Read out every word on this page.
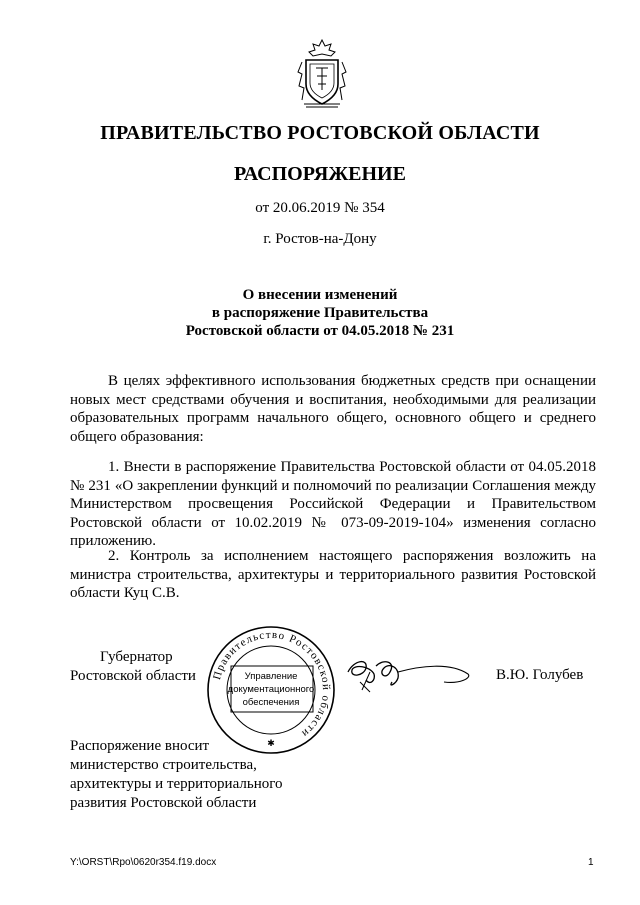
ПРАВИТЕЛЬСТВО РОСТОВСКОЙ ОБЛАСТИ
РАСПОРЯЖЕНИЕ
от 20.06.2019 № 354
г. Ростов-на-Дону
О внесении изменений
в распоряжение Правительства
Ростовской области от 04.05.2018 № 231
В целях эффективного использования бюджетных средств при оснащении новых мест средствами обучения и воспитания, необходимыми для реализации образовательных программ начального общего, основного общего и среднего общего образования:
1. Внести в распоряжение Правительства Ростовской области от 04.05.2018 № 231 «О закреплении функций и полномочий по реализации Соглашения между Министерством просвещения Российской Федерации и Правительством Ростовской области от 10.02.2019 № 073-09-2019-104» изменения согласно приложению.
2. Контроль за исполнением настоящего распоряжения возложить на министра строительства, архитектуры и территориального развития Ростовской области Куц С.В.
Губернатор
Ростовской области Правительство Ростовской области
Управление
документационного
обеспечения
✱
В.Ю. Голубев
Распоряжение вносит
министерство строительства,
архитектуры и территориального
развития Ростовской области
Y:\ORST\Rpo\0620r354.f19.docx	1
